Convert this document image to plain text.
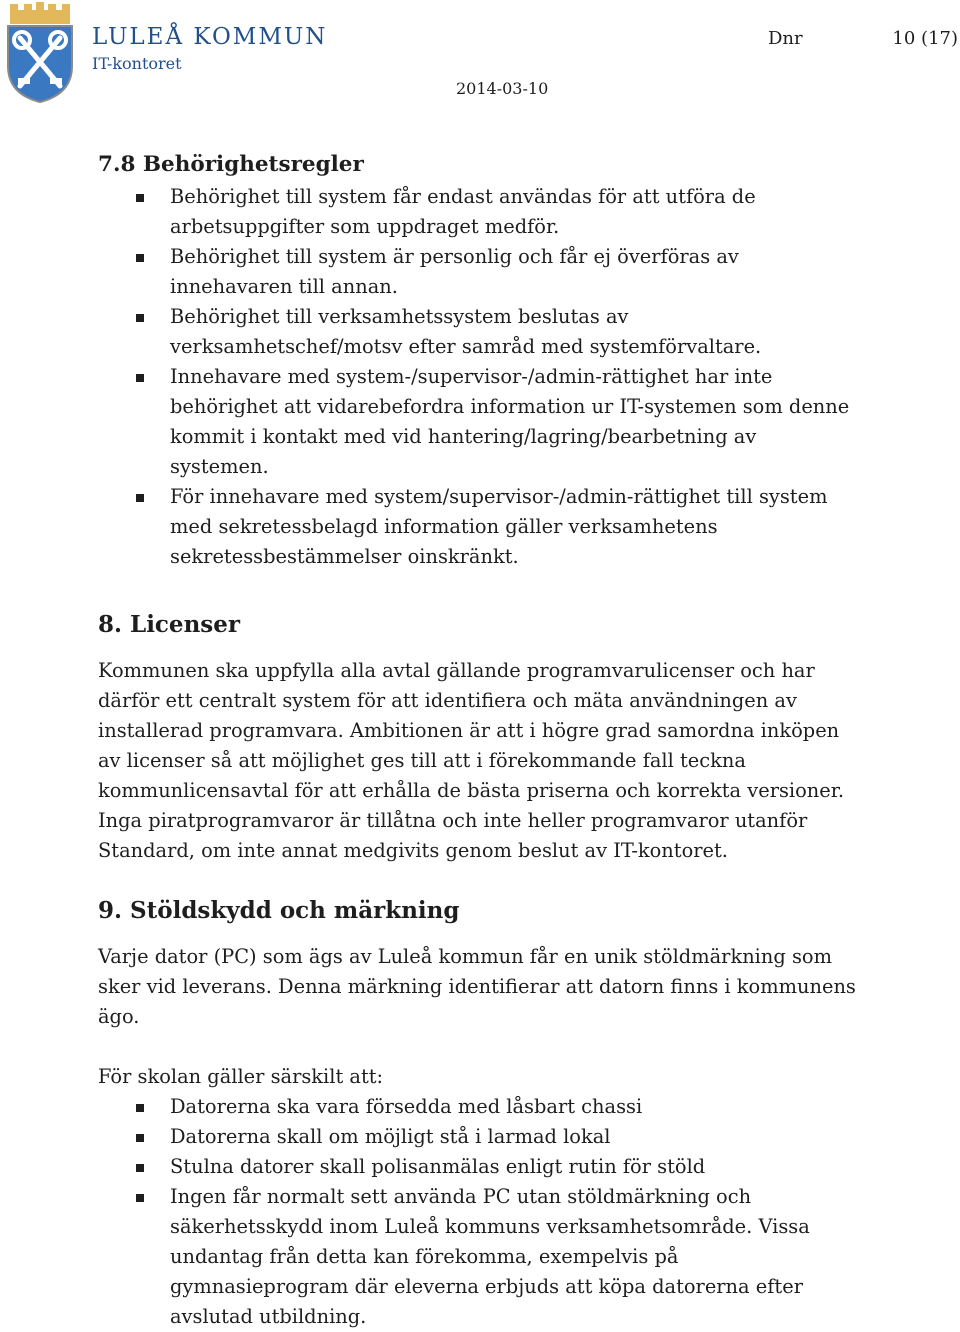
LULEÅ KOMMUN
IT-kontoret
Dnr	10 (17)
2014-03-10
7.8 Behörighetsregler
Behörighet till system får endast användas för att utföra de arbetsuppgifter som uppdraget medför.
Behörighet till system är personlig och får ej överföras av innehavaren till annan.
Behörighet till verksamhetssystem beslutas av verksamhetschef/motsv efter samråd med systemförvaltare.
Innehavare med system-/supervisor-/admin-rättighet har inte behörighet att vidarebefordra information ur IT-systemen som denne kommit i kontakt med vid hantering/lagring/bearbetning av systemen.
För innehavare med system/supervisor-/admin-rättighet till system med sekretessbelagd information gäller verksamhetens sekretessbestämmelser oinskränkt.
8. Licenser

Kommunen ska uppfylla alla avtal gällande programvarulicenser och har därför ett centralt system för att identifiera och mäta användningen av installerad programvara. Ambitionen är att i högre grad samordna inköpen av licenser så att möjlighet ges till att i förekommande fall teckna kommunlicensavtal för att erhålla de bästa priserna och korrekta versioner. Inga piratprogramvaror är tillåtna och inte heller programvaror utanför Standard, om inte annat medgivits genom beslut av IT-kontoret.

9. Stöldskydd och märkning

Varje dator (PC) som ägs av Luleå kommun får en unik stöldmärkning som sker vid leverans. Denna märkning identifierar att datorn finns i kommunens ägo.

För skolan gäller särskilt att:

Datorerna ska vara försedda med låsbart chassi
Datorerna skall om möjligt stå i larmad lokal
Stulna datorer skall polisanmälas enligt rutin för stöld
Ingen får normalt sett använda PC utan stöldmärkning och säkerhetsskydd inom Luleå kommuns verksamhetsområde. Vissa undantag från detta kan förekomma, exempelvis på gymnasieprogram där eleverna erbjuds att köpa datorerna efter avslutad utbildning.
